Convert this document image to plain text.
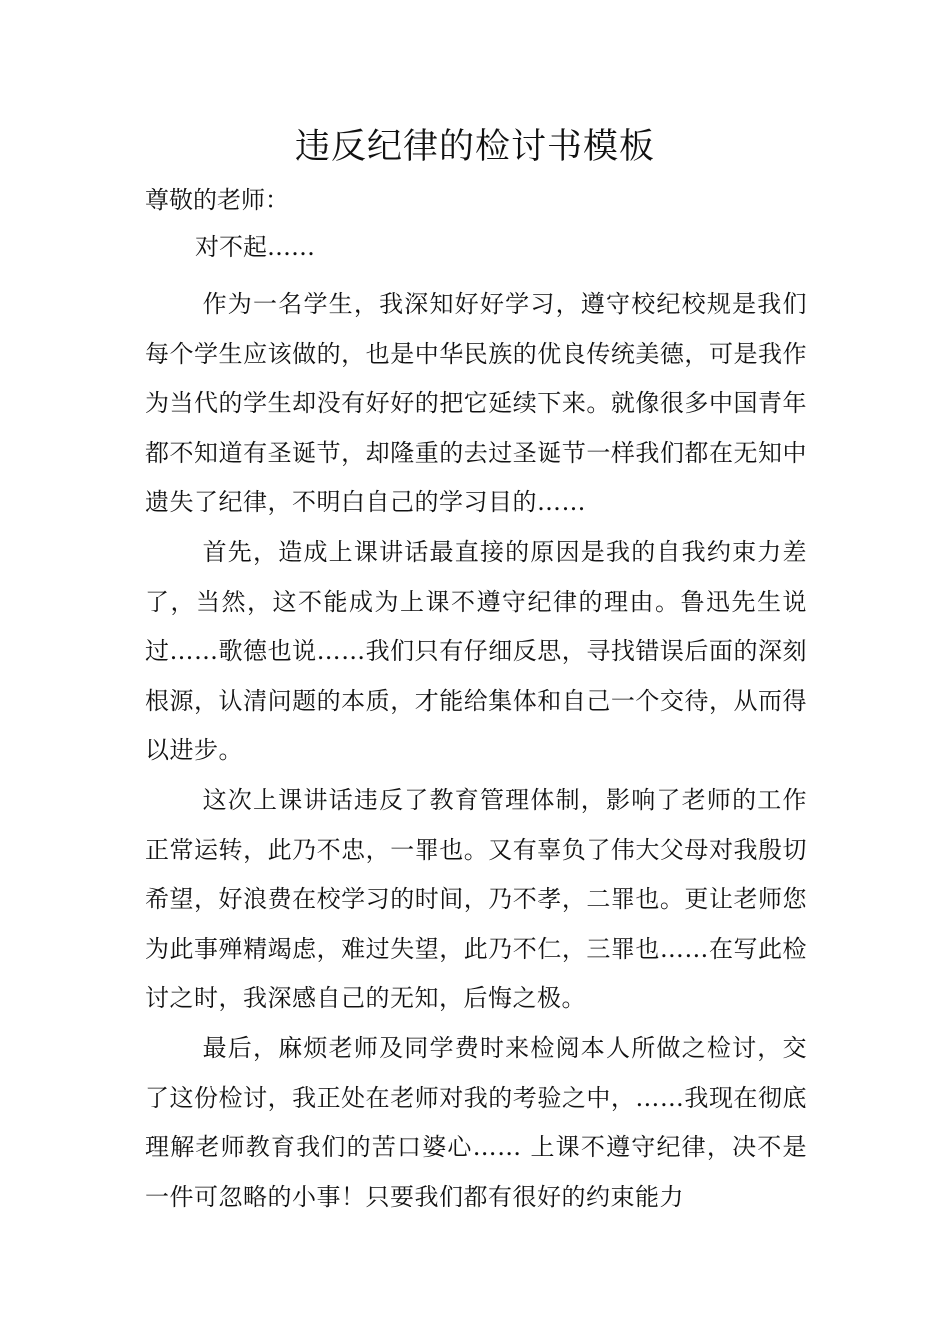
违反纪律的检讨书模板

尊敬的老师：

对不起……

作为一名学生，我深知好好学习，遵守校纪校规是我们每个学生应该做的，也是中华民族的优良传统美德，可是我作为当代的学生却没有好好的把它延续下来。就像很多中国青年都不知道有圣诞节，却隆重的去过圣诞节一样我们都在无知中遗失了纪律，不明白自己的学习目的……

首先，造成上课讲话最直接的原因是我的自我约束力差了，当然，这不能成为上课不遵守纪律的理由。鲁迅先生说过……歌德也说……我们只有仔细反思，寻找错误后面的深刻根源，认清问题的本质，才能给集体和自己一个交待，从而得以进步。

这次上课讲话违反了教育管理体制，影响了老师的工作正常运转，此乃不忠，一罪也。又有辜负了伟大父母对我殷切希望，好浪费在校学习的时间，乃不孝，二罪也。更让老师您为此事殚精竭虑，难过失望，此乃不仁，三罪也……在写此检讨之时，我深感自己的无知，后悔之极。

最后，麻烦老师及同学费时来检阅本人所做之检讨，交了这份检讨，我正处在老师对我的考验之中，……我现在彻底理解老师教育我们的苦口婆心…… 上课不遵守纪律，决不是一件可忽略的小事！只要我们都有很好的约束能力
